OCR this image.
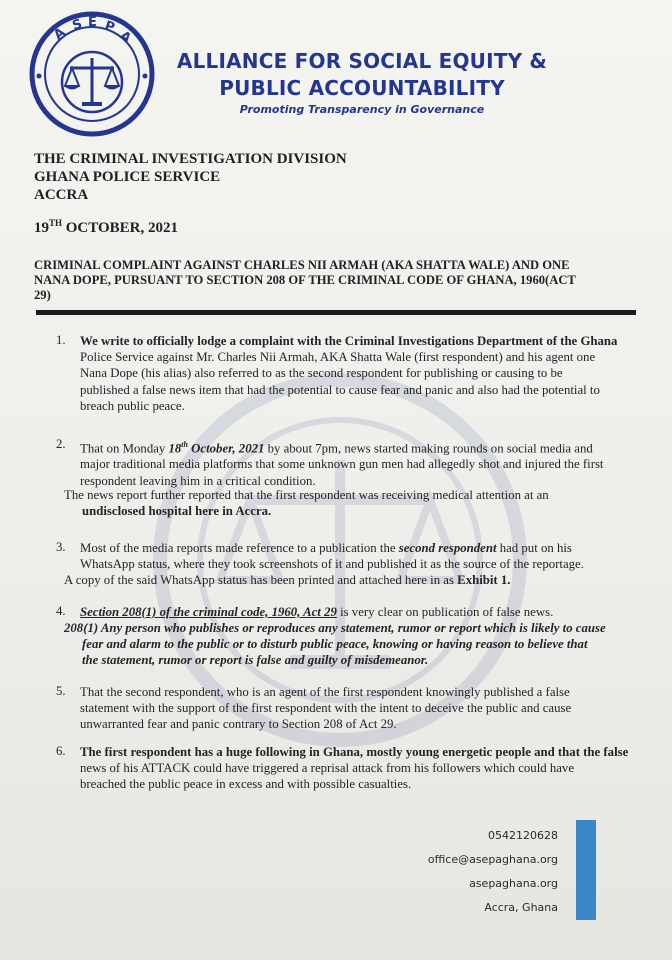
A S E P
A
ALLIANCE FOR SOCIAL EQUITY &
PUBLIC ACCOUNTABILITY
Promoting Transparency in Governance
THE CRIMINAL INVESTIGATION DIVISION
GHANA POLICE SERVICE
ACCRA
19TH OCTOBER, 2021
CRIMINAL COMPLAINT AGAINST CHARLES NII ARMAH (AKA SHATTA WALE) AND ONE
NANA DOPE, PURSUANT TO SECTION 208 OF THE CRIMINAL CODE OF GHANA, 1960(ACT
29)
1. We write to officially lodge a complaint with the Criminal Investigations Department of the Ghana
Police Service against Mr. Charles Nii Armah, AKA Shatta Wale (first respondent) and his agent one
Nana Dope (his alias) also referred to as the second respondent for publishing or causing to be
published a false news item that had the potential to cause fear and panic and also had the potential to
breach public peace.
2. That on Monday 18th October, 2021 by about 7pm, news started making rounds on social media and
major traditional media platforms that some unknown gun men had allegedly shot and injured the first
respondent leaving him in a critical condition.
The news report further reported that the first respondent was receiving medical attention at an
undisclosed hospital here in Accra.
3. Most of the media reports made reference to a publication the second respondent had put on his
WhatsApp status, where they took screenshots of it and published it as the source of the reportage.
A copy of the said WhatsApp status has been printed and attached here in as Exhibit 1.
4. Section 208(1) of the criminal code, 1960, Act 29 is very clear on publication of false news.
208(1) Any person who publishes or reproduces any statement, rumor or report which is likely to cause
fear and alarm to the public or to disturb public peace, knowing or having reason to believe that
the statement, rumor or report is false and guilty of misdemeanor.
5. That the second respondent, who is an agent of the first respondent knowingly published a false
statement with the support of the first respondent with the intent to deceive the public and cause
unwarranted fear and panic contrary to Section 208 of Act 29.
6. The first respondent has a huge following in Ghana, mostly young energetic people and that the false
news of his ATTACK could have triggered a reprisal attack from his followers which could have
breached the public peace in excess and with possible casualties.
0542120628
office@asepaghana.org
asepaghana.org
Accra, Ghana
